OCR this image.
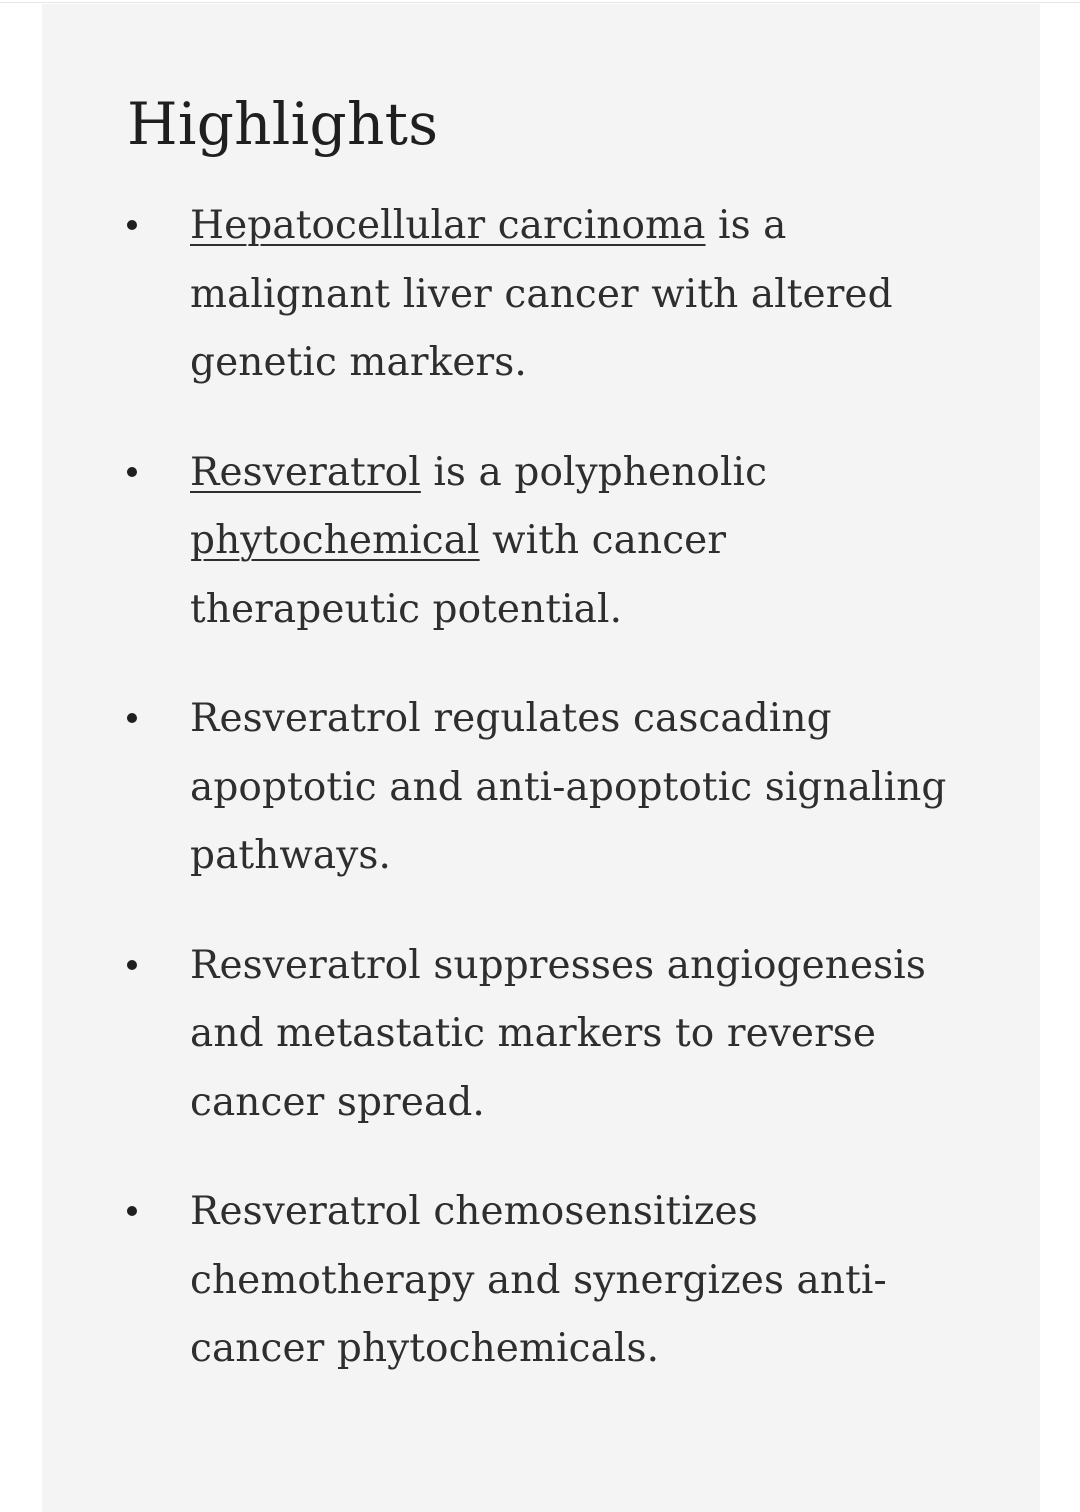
Highlights
Hepatocellular carcinoma is a malignant liver cancer with altered genetic markers.
Resveratrol is a polyphenolic phytochemical with cancer therapeutic potential.
Resveratrol regulates cascading apoptotic and anti-apoptotic signaling pathways.
Resveratrol suppresses angiogenesis and metastatic markers to reverse cancer spread.
Resveratrol chemosensitizes chemotherapy and synergizes anti-cancer phytochemicals.
